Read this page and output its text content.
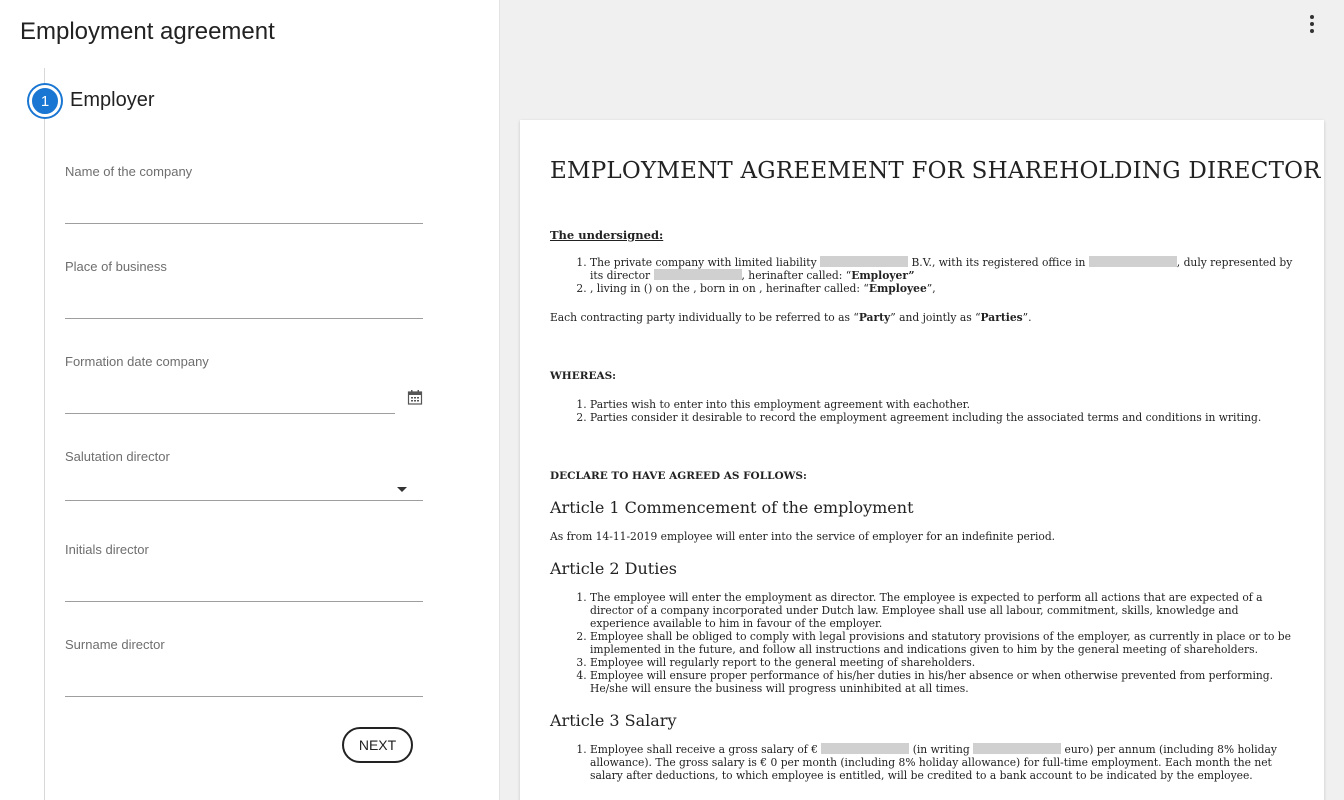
Employment agreement
1	Employer
Name of the company
Place of business
Formation date company
Salutation director
Initials director
Surname director
NEXT
EMPLOYMENT AGREEMENT FOR SHAREHOLDING DIRECTOR

The undersigned:

1. The private company with limited liability	B.V., with its registered office in	, duly represented by its director	, herinafter called: “Employer”
2. , living in () on the , born in on , herinafter called: “Employee”,

Each contracting party individually to be referred to as “Party” and jointly as “Parties”.

WHEREAS:

1. Parties wish to enter into this employment agreement with eachother.
2. Parties consider it desirable to record the employment agreement including the associated terms and conditions in writing.

DECLARE TO HAVE AGREED AS FOLLOWS:

Article 1 Commencement of the employment

As from 14-11-2019 employee will enter into the service of employer for an indefinite period.

Article 2 Duties
1. The employee will enter the employment as director. The employee is expected to perform all actions that are expected of a director of a company incorporated under Dutch law. Employee shall use all labour, commitment, skills, knowledge and experience available to him in favour of the employer.
2. Employee shall be obliged to comply with legal provisions and statutory provisions of the employer, as currently in place or to be implemented in the future, and follow all instructions and indications given to him by the general meeting of shareholders.
3. Employee will regularly report to the general meeting of shareholders.
4. Employee will ensure proper performance of his/her duties in his/her absence or when otherwise prevented from performing. He/she will ensure the business will progress uninhibited at all times.
Article 3 Salary
1. Employee shall receive a gross salary of €	(in writing	euro) per annum (including 8% holiday allowance). The gross salary is € 0 per month (including 8% holiday allowance) for full-time employment. Each month the net salary after deductions, to which employee is entitled, will be credited to a bank account to be indicated by the employee.
